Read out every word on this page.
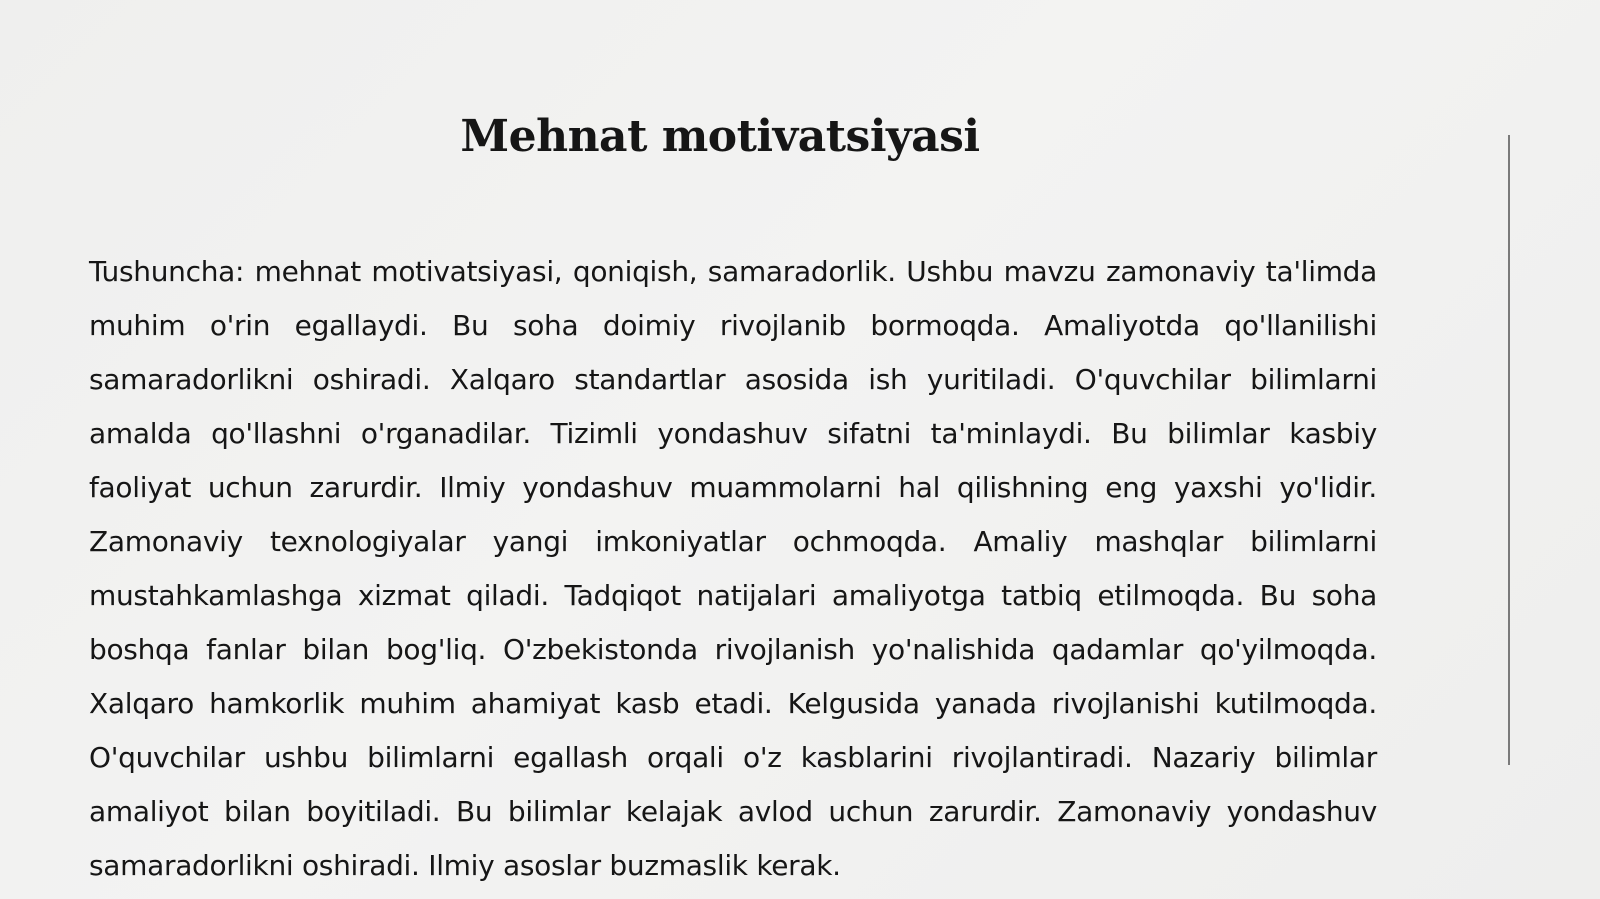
Mehnat motivatsiyasi

Tushuncha: mehnat motivatsiyasi, qoniqish, samaradorlik. Ushbu mavzu zamonaviy ta'limda muhim o'rin egallaydi. Bu soha doimiy rivojlanib bormoqda. Amaliyotda qo'llanilishi samaradorlikni oshiradi. Xalqaro standartlar asosida ish yuritiladi. O'quvchilar bilimlarni amalda qo'llashni o'rganadilar. Tizimli yondashuv sifatni ta'minlaydi. Bu bilimlar kasbiy faoliyat uchun zarurdir. Ilmiy yondashuv muammolarni hal qilishning eng yaxshi yo'lidir. Zamonaviy texnologiyalar yangi imkoniyatlar ochmoqda. Amaliy mashqlar bilimlarni mustahkamlashga xizmat qiladi. Tadqiqot natijalari amaliyotga tatbiq etilmoqda. Bu soha boshqa fanlar bilan bog'liq. O'zbekistonda rivojlanish yo'nalishida qadamlar qo'yilmoqda. Xalqaro hamkorlik muhim ahamiyat kasb etadi. Kelgusida yanada rivojlanishi kutilmoqda. O'quvchilar ushbu bilimlarni egallash orqali o'z kasblarini rivojlantiradi. Nazariy bilimlar amaliyot bilan boyitiladi. Bu bilimlar kelajak avlod uchun zarurdir. Zamonaviy yondashuv samaradorlikni oshiradi. Ilmiy asoslar buzmaslik kerak.
